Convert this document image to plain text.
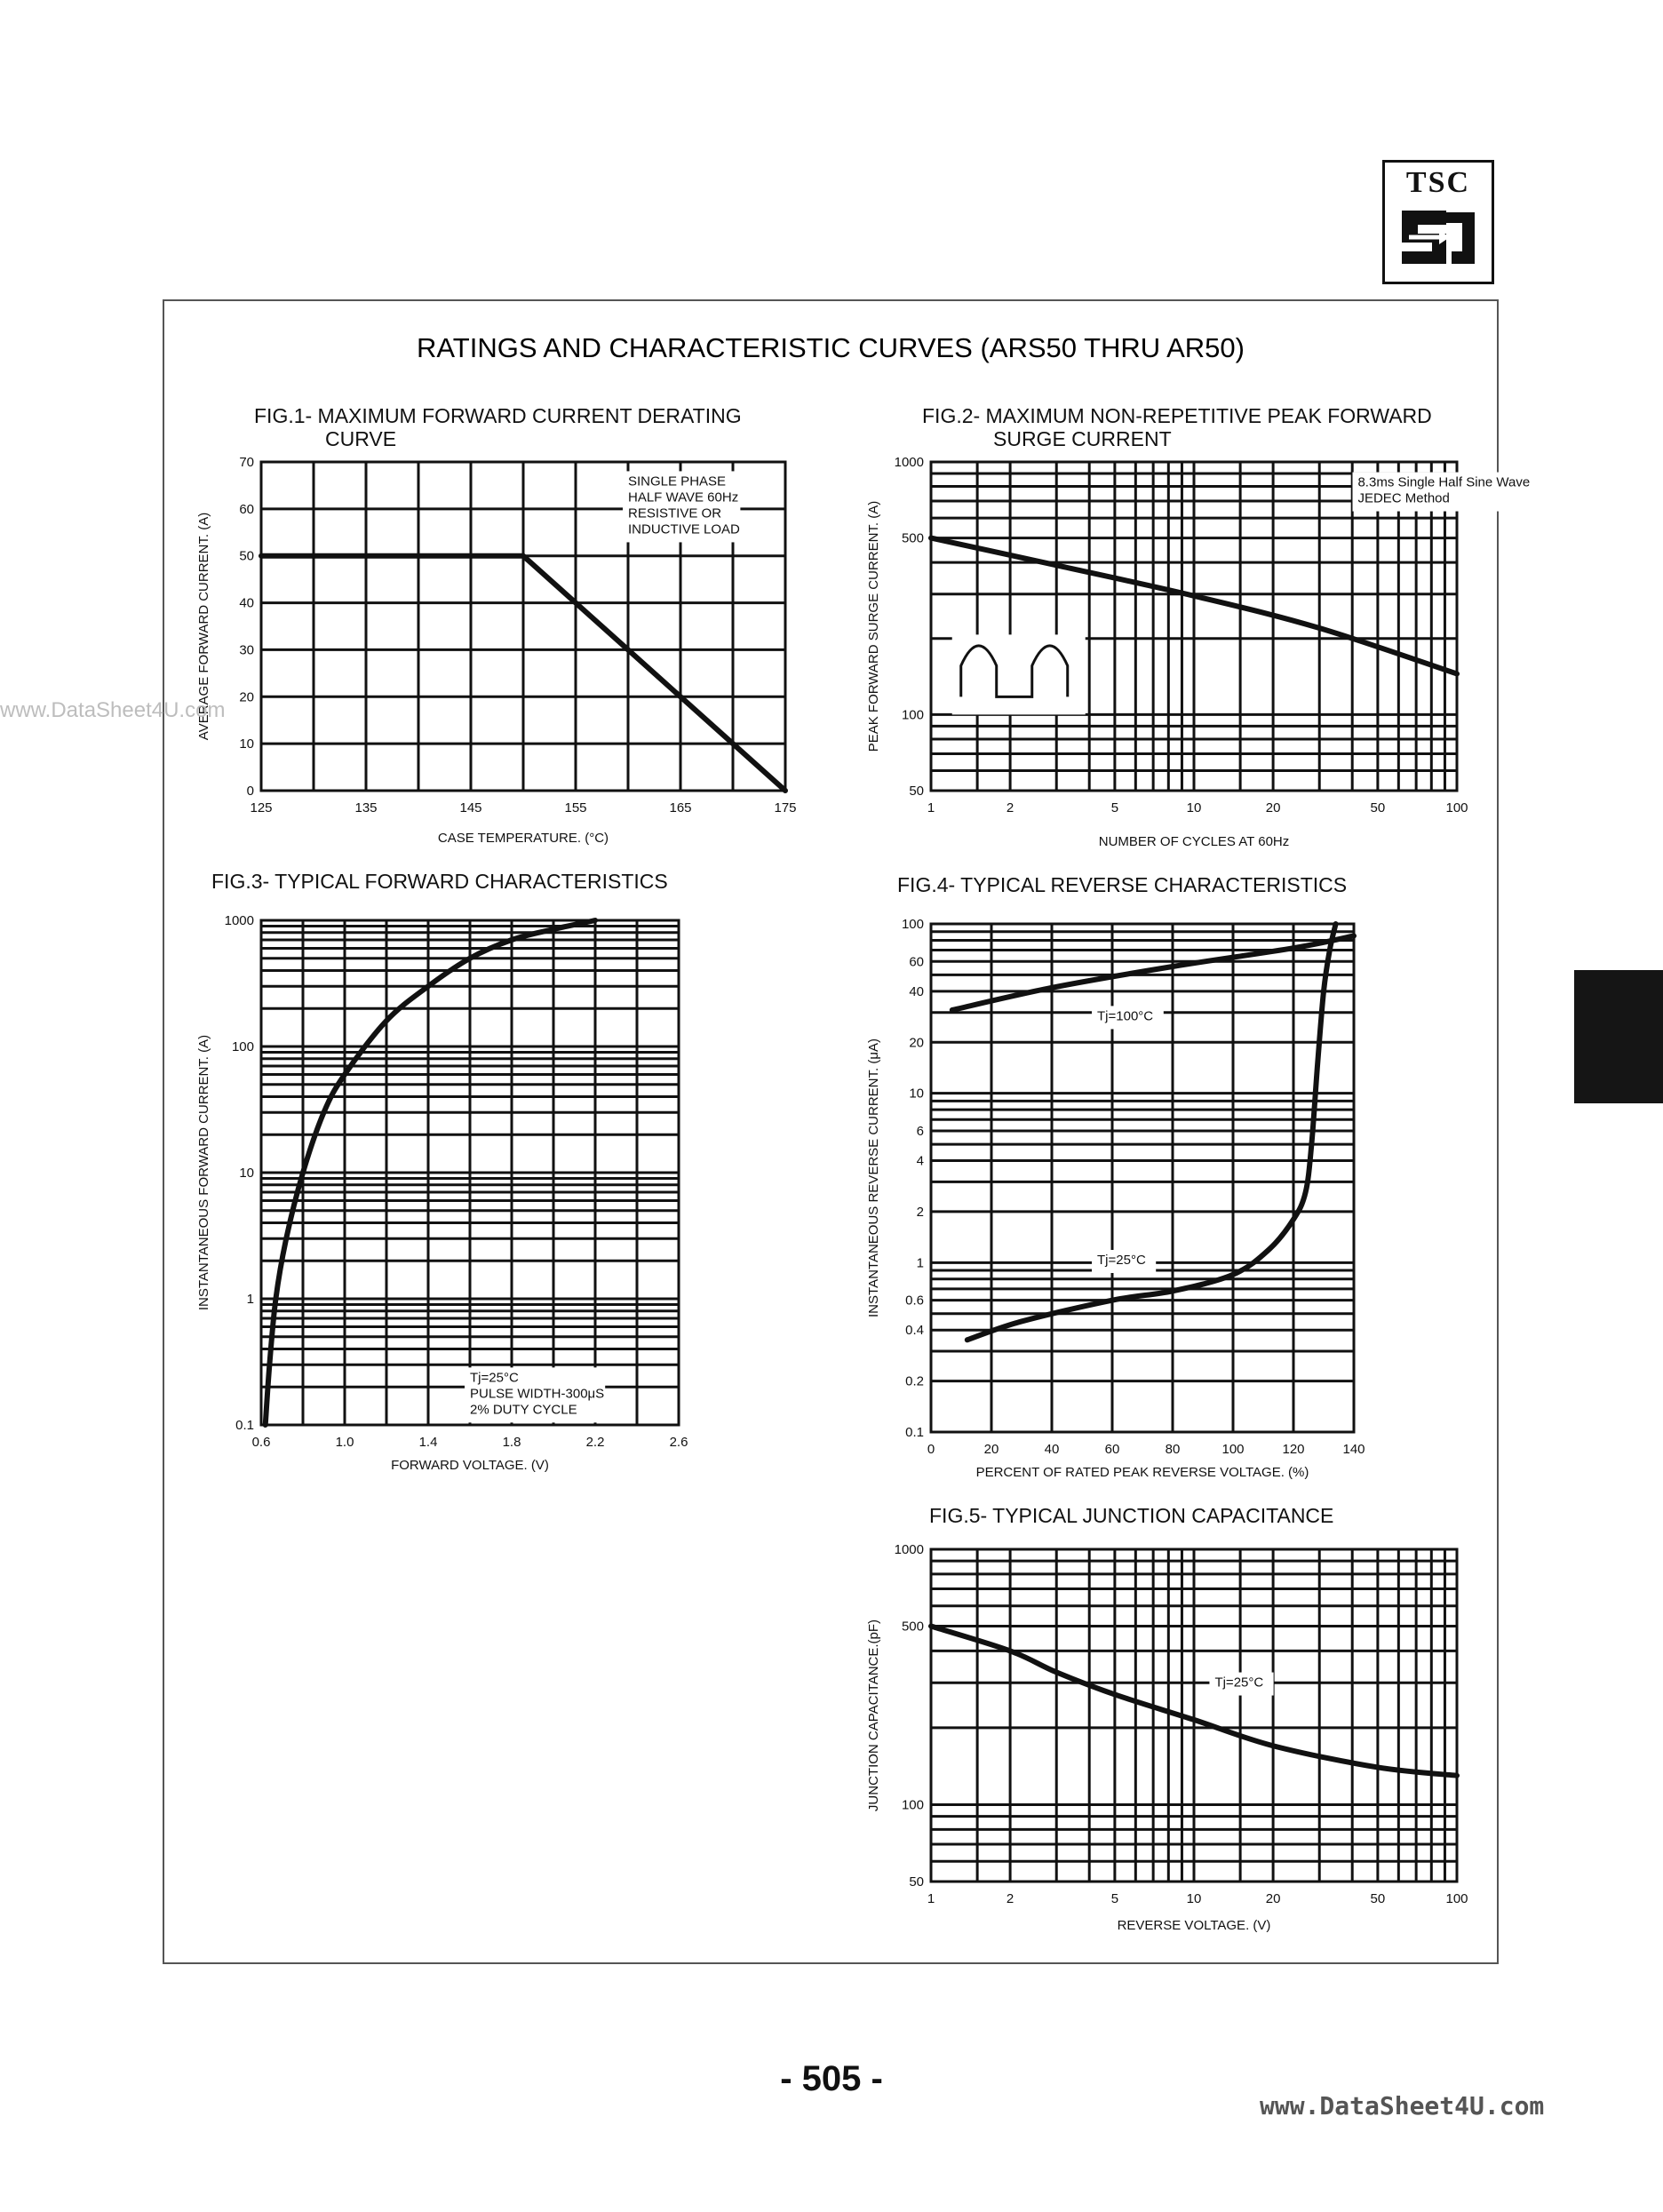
RATINGS AND CHARACTERISTIC CURVES (ARS50 THRU AR50)
FIG.1- MAXIMUM FORWARD CURRENT DERATING
CURVE
125	135	145	155	165	175
0
10
20
30
40
50
60
70
CASE TEMPERATURE. (°C)
AVERAGE FORWARD CURRENT. (A)
SINGLE PHASE
HALF WAVE 60Hz
RESISTIVE OR
INDUCTIVE LOAD
FIG.2- MAXIMUM NON-REPETITIVE PEAK FORWARD
SURGE CURRENT
1	2	5	10	20	50	100
50
100
500
1000
NUMBER OF CYCLES AT 60Hz
PEAK FORWARD SURGE CURRENT. (A)
8.3ms Single Half Sine Wave
JEDEC Method
FIG.3- TYPICAL FORWARD CHARACTERISTICS
0.6	1.0	1.4	1.8	2.2	2.6
0.1
1
10
100
1000
FORWARD VOLTAGE. (V)
INSTANTANEOUS FORWARD CURRENT. (A)
Tj=25°C
PULSE WIDTH-300μS
2% DUTY CYCLE
FIG.4- TYPICAL REVERSE CHARACTERISTICS
0	20	40	60	80	100	120	140
0.1
0.2
0.4
0.6
1
2
4
6
10
20
40
60
100
PERCENT OF RATED PEAK REVERSE VOLTAGE. (%)
INSTANTANEOUS REVERSE CURRENT. (μA)
Tj=100°C
Tj=25°C
FIG.5- TYPICAL JUNCTION CAPACITANCE
1	2	5	10	20	50	100
50
100
500
1000
REVERSE VOLTAGE. (V)
JUNCTION CAPACITANCE.(pF)	Tj=25°C
TSC
www.DataSheet4U.com
- 505 -
www.DataSheet4U.com
